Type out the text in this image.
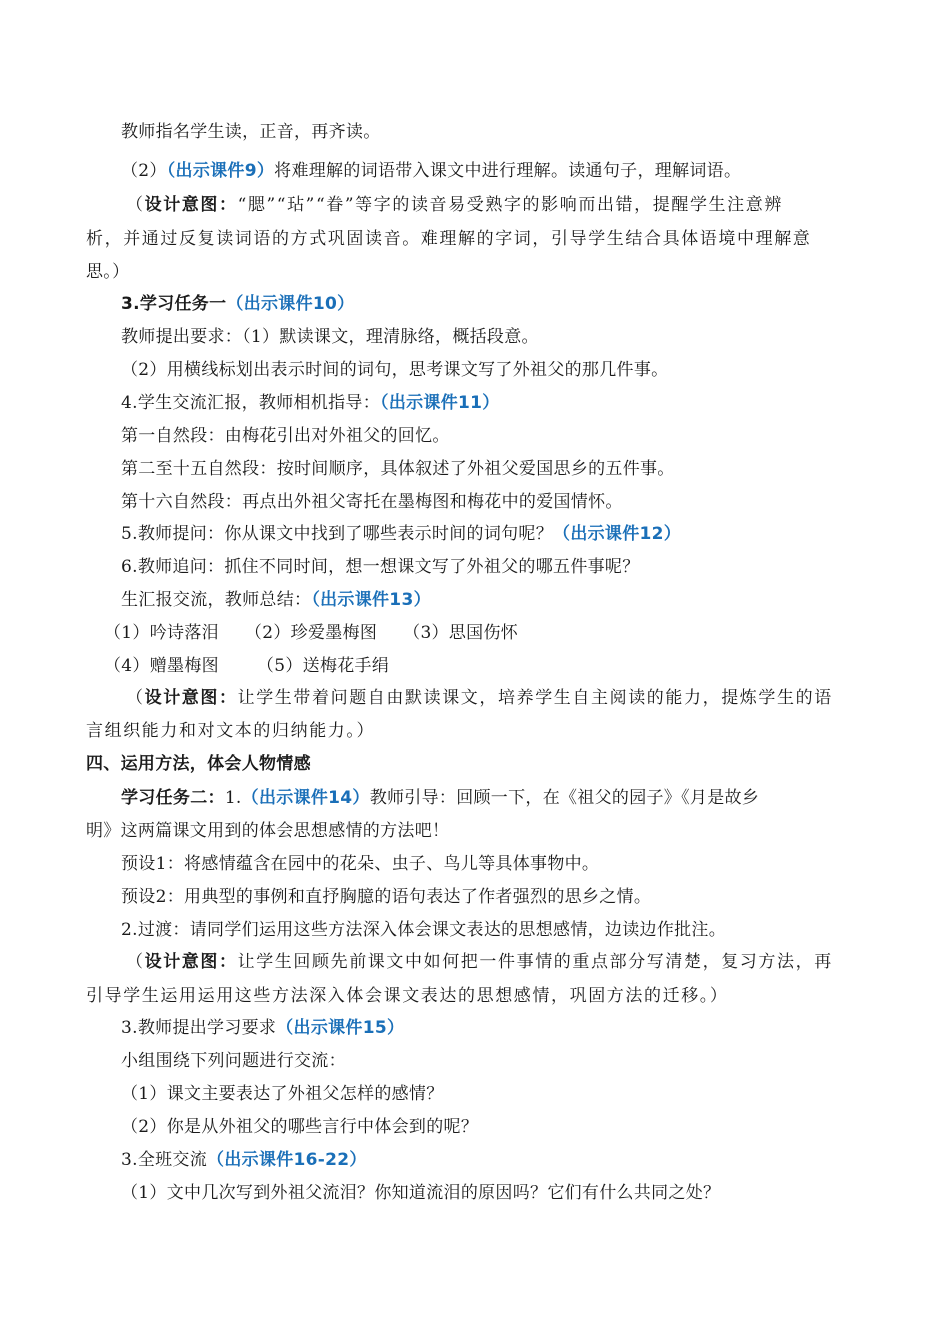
教师指名学生读，正音，再齐读。
（2）（出示课件9）将难理解的词语带入课文中进行理解。读通句子，理解词语。
（设计意图：“腮”“玷”“眷”等字的读音易受熟字的影响而出错，提醒学生注意辨
析，并通过反复读词语的方式巩固读音。难理解的字词，引导学生结合具体语境中理解意
思。）
3.学习任务一（出示课件10）
教师提出要求：（1）默读课文，理清脉络，概括段意。
（2）用横线标划出表示时间的词句，思考课文写了外祖父的那几件事。
4.学生交流汇报，教师相机指导：（出示课件11）
第一自然段：由梅花引出对外祖父的回忆。
第二至十五自然段：按时间顺序，具体叙述了外祖父爱国思乡的五件事。
第十六自然段：再点出外祖父寄托在墨梅图和梅花中的爱国情怀。
5.教师提问：你从课文中找到了哪些表示时间的词句呢？（出示课件12）
6.教师追问：抓住不同时间，想一想课文写了外祖父的哪五件事呢？
生汇报交流，教师总结：（出示课件13）
（1）吟诗落泪 （2）珍爱墨梅图 （3）思国伤怀
（4）赠墨梅图 （5）送梅花手绢
（设计意图：让学生带着问题自由默读课文，培养学生自主阅读的能力，提炼学生的语
言组织能力和对文本的归纳能力。）
四、运用方法，体会人物情感
学习任务二：1.（出示课件14）教师引导：回顾一下，在《祖父的园子》《月是故乡
明》这两篇课文用到的体会思想感情的方法吧！
预设1：将感情蕴含在园中的花朵、虫子、鸟儿等具体事物中。
预设2：用典型的事例和直抒胸臆的语句表达了作者强烈的思乡之情。
2.过渡：请同学们运用这些方法深入体会课文表达的思想感情，边读边作批注。
（设计意图：让学生回顾先前课文中如何把一件事情的重点部分写清楚，复习方法，再
引导学生运用运用这些方法深入体会课文表达的思想感情，巩固方法的迁移。）
3.教师提出学习要求（出示课件15）
小组围绕下列问题进行交流：
（1）课文主要表达了外祖父怎样的感情？
（2）你是从外祖父的哪些言行中体会到的呢？
3.全班交流（出示课件16-22）
（1）文中几次写到外祖父流泪？你知道流泪的原因吗？它们有什么共同之处？
